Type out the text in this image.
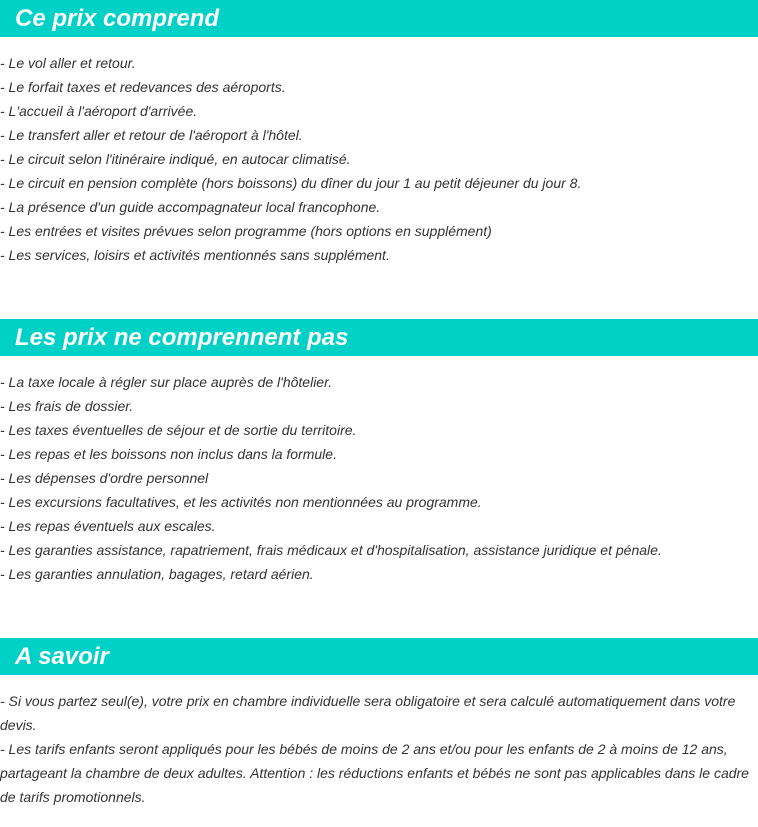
Ce prix comprend
- Le vol aller et retour.
- Le forfait taxes et redevances des aéroports.
- L'accueil à l'aéroport d'arrivée.
- Le transfert aller et retour de l'aéroport à l'hôtel.
- Le circuit selon l'itinéraire indiqué, en autocar climatisé.
- Le circuit en pension complète (hors boissons) du dîner du jour 1 au petit déjeuner du jour 8.
- La présence d'un guide accompagnateur local francophone.
- Les entrées et visites prévues selon programme (hors options en supplément)
- Les services, loisirs et activités mentionnés sans supplément.
Les prix ne comprennent pas
- La taxe locale à régler sur place auprès de l'hôtelier.
- Les frais de dossier.
- Les taxes éventuelles de séjour et de sortie du territoire.
- Les repas et les boissons non inclus dans la formule.
- Les dépenses d'ordre personnel
- Les excursions facultatives, et les activités non mentionnées au programme.
- Les repas éventuels aux escales.
- Les garanties assistance, rapatriement, frais médicaux et d'hospitalisation, assistance juridique et pénale.
- Les garanties annulation, bagages, retard aérien.
A savoir

- Si vous partez seul(e), votre prix en chambre individuelle sera obligatoire et sera calculé automatiquement dans votre devis.

- Les tarifs enfants seront appliqués pour les bébés de moins de 2 ans et/ou pour les enfants de 2 à moins de 12 ans, partageant la chambre de deux adultes. Attention : les réductions enfants et bébés ne sont pas applicables dans le cadre de tarifs promotionnels.
